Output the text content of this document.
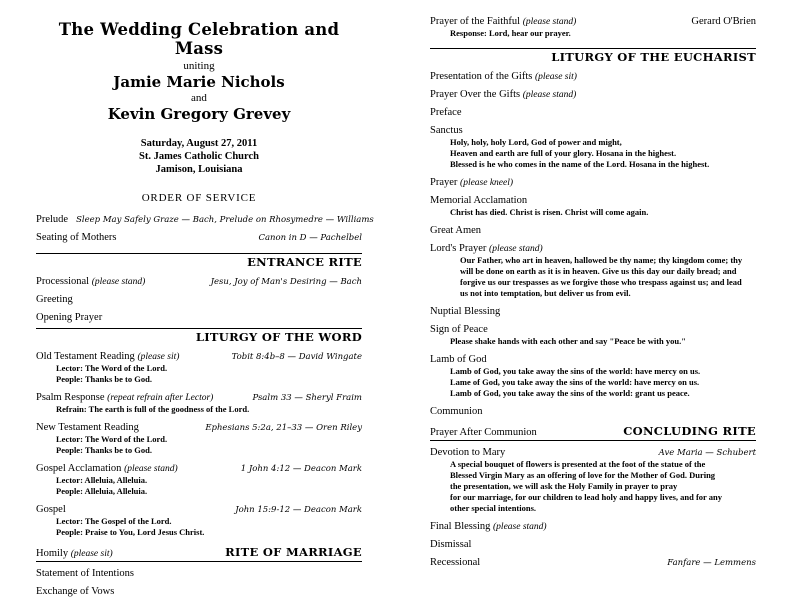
The Wedding Celebration and Mass
uniting
Jamie Marie Nichols
and
Kevin Gregory Grevey
Saturday, August 27, 2011
St. James Catholic Church
Jamison, Louisiana
ORDER OF SERVICE
Prelude Sleep May Safely Graze — Bach, Prelude on Rhosymedre — Williams
Seating of Mothers	Canon in D — Pachelbel
ENTRANCE RITE
Processional (please stand)	Jesu, Joy of Man's Desiring — Bach
Greeting
Opening Prayer
LITURGY OF THE WORD
Old Testament Reading (please sit)	Tobit 8:4b–8 — David Wingate
Lector: The Word of the Lord.
People: Thanks be to God.
Psalm Response (repeat refrain after Lector)	Psalm 33 — Sheryl Fraim
Refrain: The earth is full of the goodness of the Lord.
New Testament Reading	Ephesians 5:2a, 21–33 — Oren Riley
Lector: The Word of the Lord.
People: Thanks be to God.
Gospel Acclamation (please stand)	1 John 4:12 — Deacon Mark
Lector: Alleluia, Alleluia.
People: Alleluia, Alleluia.
Gospel	John 15:9-12 — Deacon Mark
Lector: The Gospel of the Lord.
People: Praise to You, Lord Jesus Christ.
Homily (please sit)	RITE OF MARRIAGE
Statement of Intentions
Exchange of Vows
Prayer of the Faithful (please stand)	Gerard O'Brien
Response: Lord, hear our prayer.
LITURGY OF THE EUCHARIST
Presentation of the Gifts (please sit)
Prayer Over the Gifts (please stand)
Preface
Sanctus
Holy, holy, holy Lord, God of power and might,
Heaven and earth are full of your glory. Hosana in the highest.
Blessed is he who comes in the name of the Lord. Hosana in the highest.
Prayer (please kneel)
Memorial Acclamation
Christ has died. Christ is risen. Christ will come again.
Great Amen
Lord's Prayer (please stand)
Our Father, who art in heaven, hallowed be thy name; thy kingdom come; thy
will be done on earth as it is in heaven. Give us this day our daily bread; and
forgive us our trespasses as we forgive those who trespass against us; and lead
us not into temptation, but deliver us from evil.
Nuptial Blessing
Sign of Peace
Please shake hands with each other and say "Peace be with you."
Lamb of God
Lamb of God, you take away the sins of the world: have mercy on us.
Lame of God, you take away the sins of the world: have mercy on us.
Lamb of God, you take away the sins of the world: grant us peace.
Communion
Prayer After Communion	CONCLUDING RITE
Devotion to Mary	Ave Maria — Schubert
A special bouquet of flowers is presented at the foot of the statue of the
Blessed Virgin Mary as an offering of love for the Mother of God. During
the presentation, we will ask the Holy Family in prayer to pray
for our marriage, for our children to lead holy and happy lives, and for any
other special intentions.
Final Blessing (please stand)
Dismissal
Recessional	Fanfare — Lemmens
